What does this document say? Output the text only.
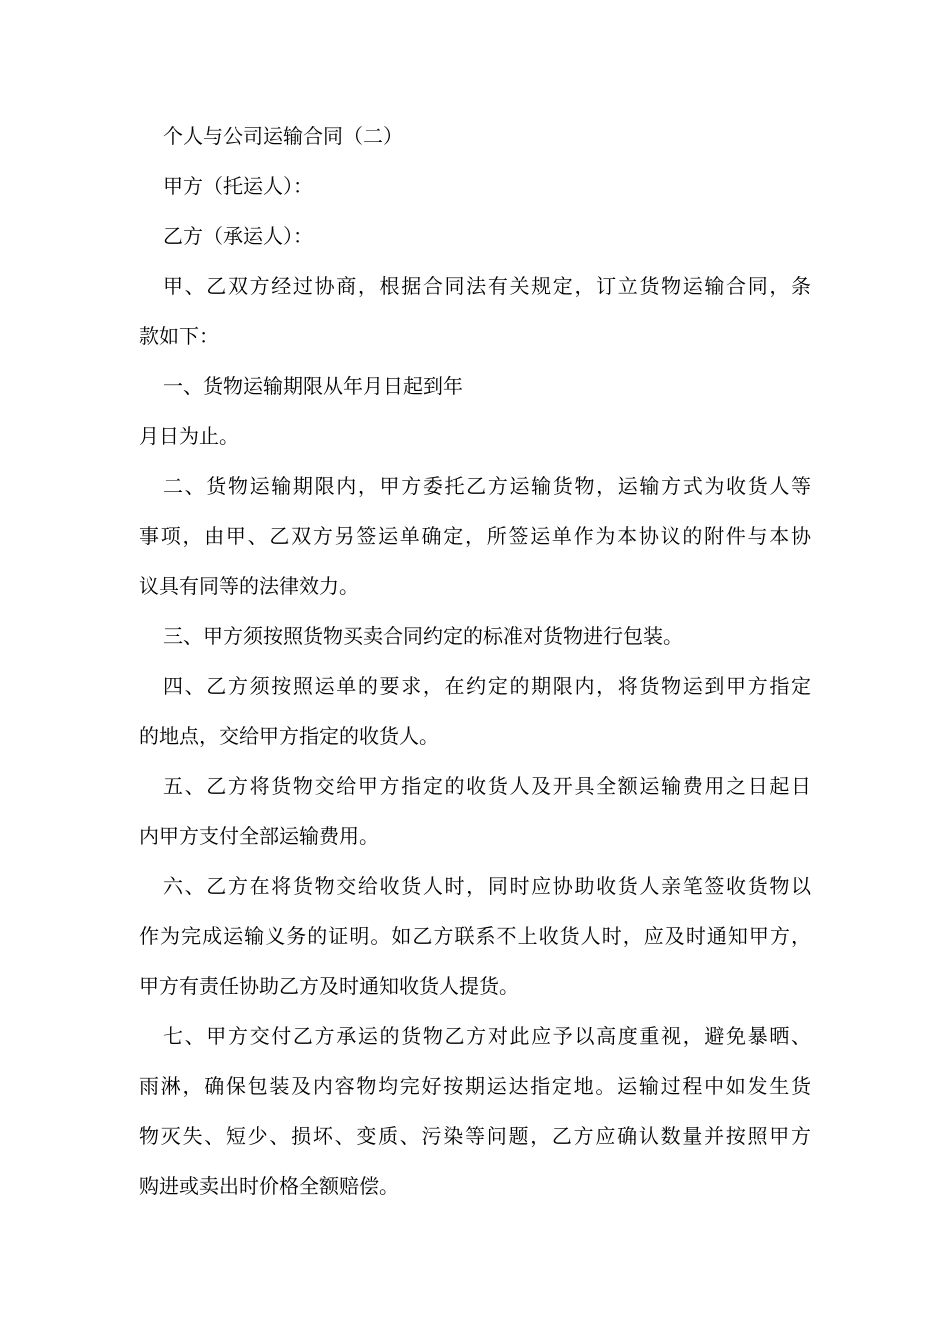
个人与公司运输合同（二）
甲方（托运人）：
乙方（承运人）：
甲、乙双方经过协商，根据合同法有关规定，订立货物运输合同，条
款如下：
一、货物运输期限从年月日起到年
月日为止。
二、货物运输期限内，甲方委托乙方运输货物，运输方式为收货人等
事项，由甲、乙双方另签运单确定，所签运单作为本协议的附件与本协
议具有同等的法律效力。
三、甲方须按照货物买卖合同约定的标准对货物进行包装。
四、乙方须按照运单的要求，在约定的期限内，将货物运到甲方指定
的地点，交给甲方指定的收货人。
五、乙方将货物交给甲方指定的收货人及开具全额运输费用之日起日
内甲方支付全部运输费用。
六、乙方在将货物交给收货人时，同时应协助收货人亲笔签收货物以
作为完成运输义务的证明。如乙方联系不上收货人时，应及时通知甲方，
甲方有责任协助乙方及时通知收货人提货。
七、甲方交付乙方承运的货物乙方对此应予以高度重视，避免暴晒、
雨淋，确保包装及内容物均完好按期运达指定地。运输过程中如发生货
物灭失、短少、损坏、变质、污染等问题，乙方应确认数量并按照甲方
购进或卖出时价格全额赔偿。
